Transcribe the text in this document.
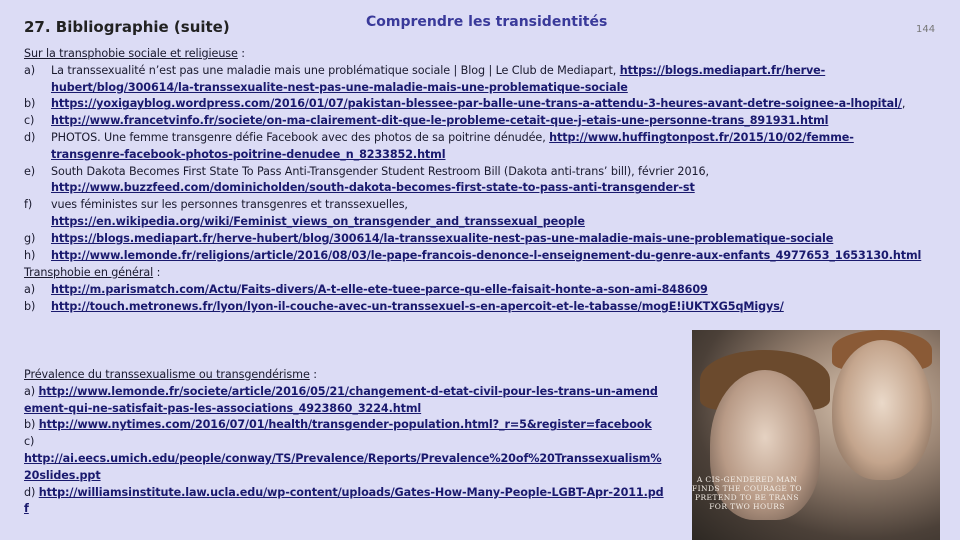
27. Bibliographie (suite)	Comprendre les transidentités	144
Sur la transphobie sociale et religieuse :
a) La transsexualité n’est pas une maladie mais une problématique sociale | Blog | Le Club de Mediapart, https://blogs.mediapart.fr/herve-hubert/blog/300614/la-transsexualite-nest-pas-une-maladie-mais-une-problematique-sociale
b) https://yoxigayblog.wordpress.com/2016/01/07/pakistan-blessee-par-balle-une-trans-a-attendu-3-heures-avant-detre-soignee-a-lhopital/,
c) http://www.francetvinfo.fr/societe/on-ma-clairement-dit-que-le-probleme-cetait-que-j-etais-une-personne-trans_891931.html
d) PHOTOS. Une femme transgenre défie Facebook avec des photos de sa poitrine dénudée, http://www.huffingtonpost.fr/2015/10/02/femme-transgenre-facebook-photos-poitrine-denudee_n_8233852.html
e) South Dakota Becomes First State To Pass Anti-Transgender Student Restroom Bill (Dakota anti-trans’ bill), février 2016, http://www.buzzfeed.com/dominicholden/south-dakota-becomes-first-state-to-pass-anti-transgender-st
f) vues féministes sur les personnes transgenres et transsexuelles, https://en.wikipedia.org/wiki/Feminist_views_on_transgender_and_transsexual_people
g) https://blogs.mediapart.fr/herve-hubert/blog/300614/la-transsexualite-nest-pas-une-maladie-mais-une-problematique-sociale
h) http://www.lemonde.fr/religions/article/2016/08/03/le-pape-francois-denonce-l-enseignement-du-genre-aux-enfants_4977653_1653130.html
Transphobie en général :
a) http://m.parismatch.com/Actu/Faits-divers/A-t-elle-ete-tuee-parce-qu-elle-faisait-honte-a-son-ami-848609
b) http://touch.metronews.fr/lyon/lyon-il-couche-avec-un-transsexuel-s-en-apercoit-et-le-tabasse/mogE!iUKTXG5qMigys/
Prévalence du transsexualisme ou transgendérisme :
a) http://www.lemonde.fr/societe/article/2016/05/21/changement-d-etat-civil-pour-les-trans-un-amendement-qui-ne-satisfait-pas-les-associations_4923860_3224.html
b) http://www.nytimes.com/2016/07/01/health/transgender-population.html?_r=5&register=facebook
c)
http://ai.eecs.umich.edu/people/conway/TS/Prevalence/Reports/Prevalence%20of%20Transsexualism%20slides.ppt
d) http://williamsinstitute.law.ucla.edu/wp-content/uploads/Gates-How-Many-People-LGBT-Apr-2011.pdf
A CIS-GENDERED MAN FINDS THE COURAGE TO PRETEND TO BE TRANS FOR TWO HOURS
